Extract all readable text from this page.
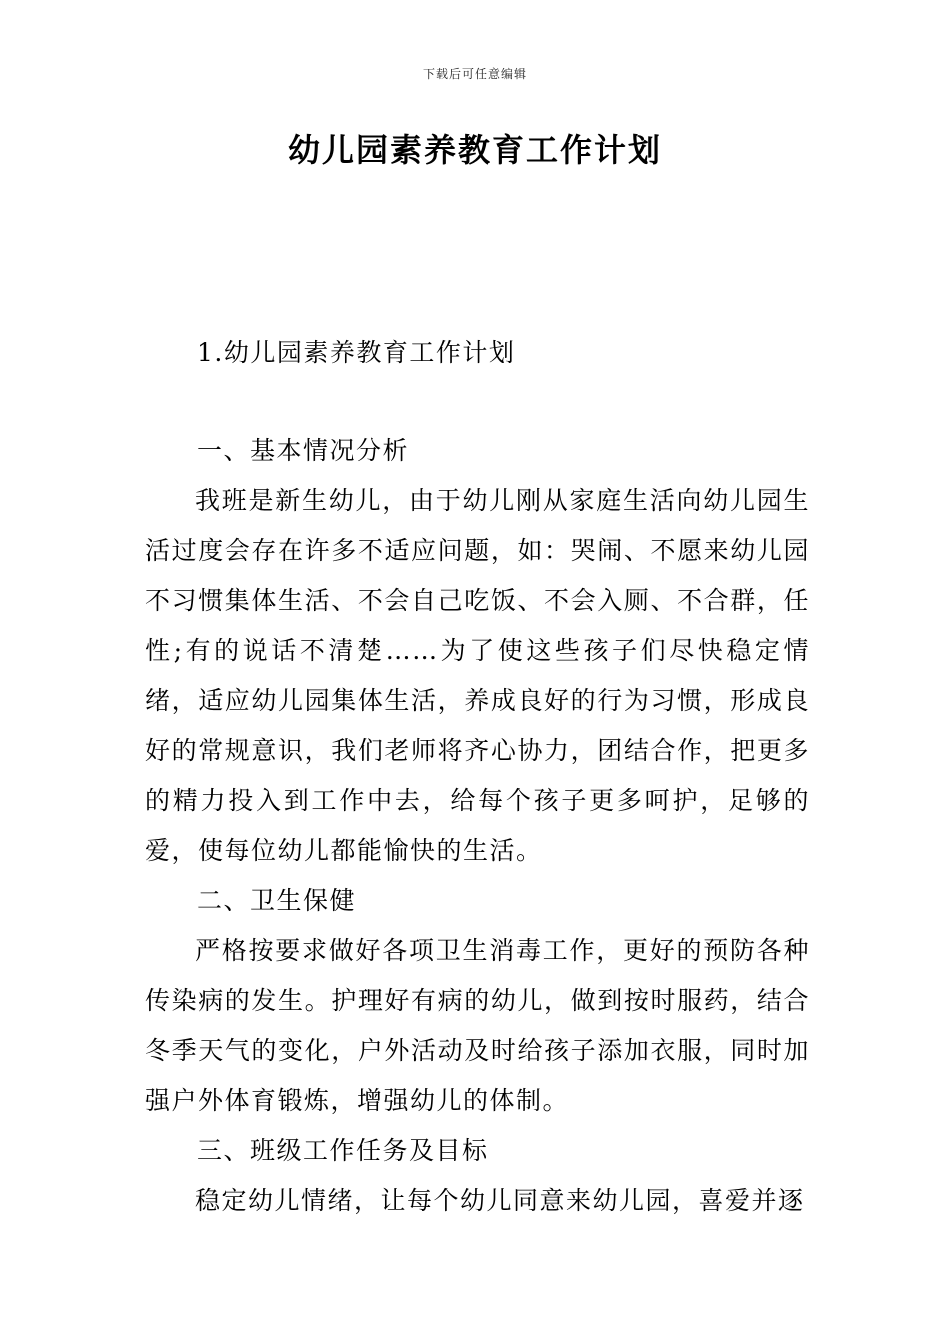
下载后可任意编辑
幼儿园素养教育工作计划

1.幼儿园素养教育工作计划

一、基本情况分析

我班是新生幼儿，由于幼儿刚从家庭生活向幼儿园生活过度会存在许多不适应问题，如：哭闹、不愿来幼儿园不习惯集体生活、不会自己吃饭、不会入厕、不合群，任性;有的说话不清楚……为了使这些孩子们尽快稳定情绪，适应幼儿园集体生活，养成良好的行为习惯，形成良好的常规意识，我们老师将齐心协力，团结合作，把更多的精力投入到工作中去，给每个孩子更多呵护，足够的爱，使每位幼儿都能愉快的生活。

二、卫生保健

严格按要求做好各项卫生消毒工作，更好的预防各种传染病的发生。护理好有病的幼儿，做到按时服药，结合冬季天气的变化，户外活动及时给孩子添加衣服，同时加强户外体育锻炼，增强幼儿的体制。

三、班级工作任务及目标

稳定幼儿情绪，让每个幼儿同意来幼儿园，喜爱并逐
